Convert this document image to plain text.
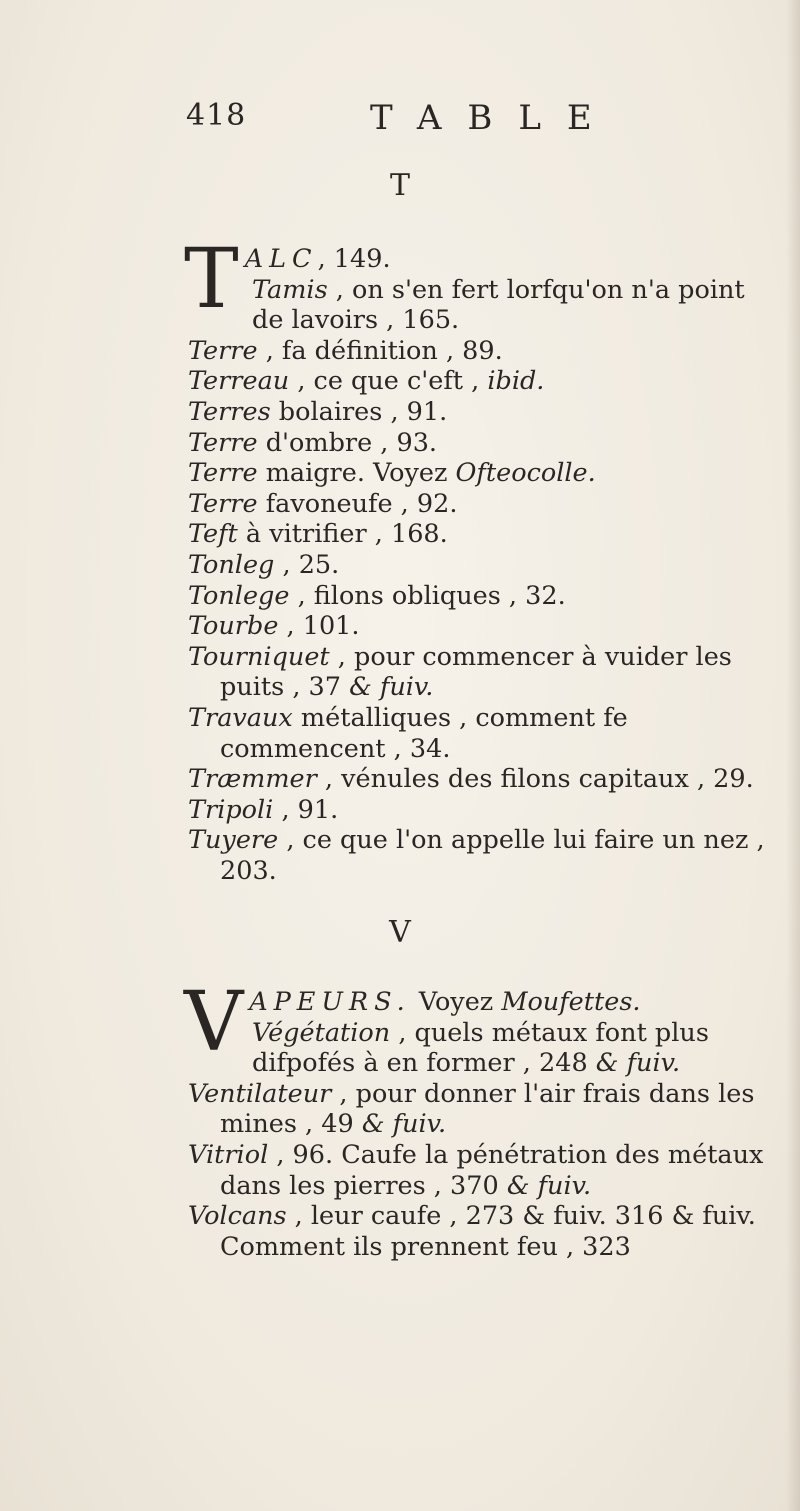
418	TABLE
T

TALC, 149.

Tamis , on s'en fert lorfqu'on n'a point de lavoirs , 165.

Terre , fa définition , 89.

Terreau , ce que c'eft , ibid.

Terres bolaires , 91.

Terre d'ombre , 93.

Terre maigre. Voyez Ofteocolle.

Terre favoneufe , 92.

Teft à vitrifier , 168.

Tonleg , 25.

Tonlege , filons obliques , 32.

Tourbe , 101.

Tourniquet , pour commencer à vuider les puits , 37 & fuiv.

Travaux métalliques , comment fe commencent , 34.

Træmmer , vénules des filons capitaux , 29.

Tripoli , 91.

Tuyere , ce que l'on appelle lui faire un nez , 203.

V

VAPEURS. Voyez Moufettes.

Végétation , quels métaux font plus difpofés à en former , 248 & fuiv.

Ventilateur , pour donner l'air frais dans les mines , 49 & fuiv.

Vitriol , 96. Caufe la pénétration des métaux dans les pierres , 370 & fuiv.

Volcans , leur caufe , 273 & fuiv. 316 & fuiv. Comment ils prennent feu , 323
